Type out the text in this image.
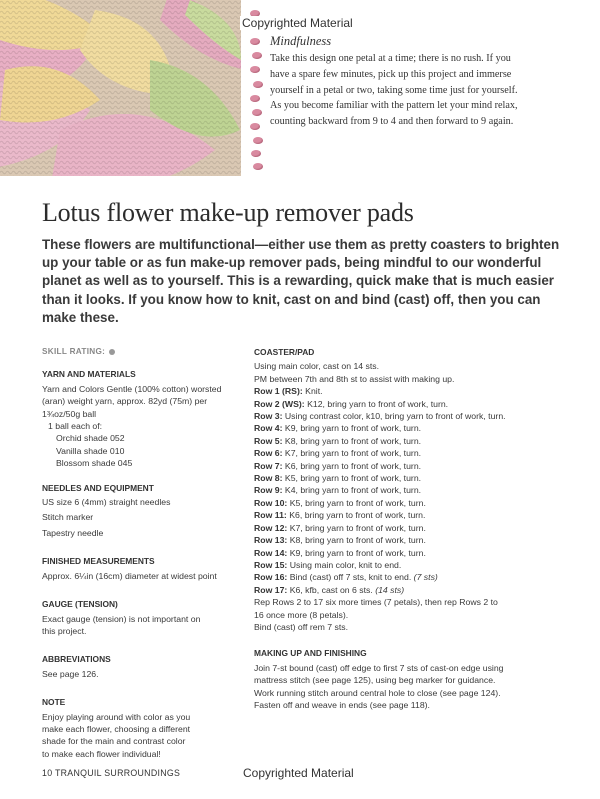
Copyrighted Material
Mindfulness
Take this design one petal at a time; there is no rush. If you
have a spare few minutes, pick up this project and immerse
yourself in a petal or two, taking some time just for yourself.
As you become familiar with the pattern let your mind relax,
counting backward from 9 to 4 and then forward to 9 again.
Lotus flower make-up remover pads
These flowers are multifunctional—either use them as pretty coasters to brighten up your table or as fun make-up remover pads, being mindful to our wonderful planet as well as to yourself. This is a rewarding, quick make that is much easier than it looks. If you know how to knit, cast on and bind (cast) off, then you can make these.
SKILL RATING:
YARN AND MATERIALS
Yarn and Colors Gentle (100% cotton) worsted
(aran) weight yarn, approx. 82yd (75m) per
1¾oz/50g ball
1 ball each of:
Orchid shade 052
Vanilla shade 010
Blossom shade 045
NEEDLES AND EQUIPMENT
US size 6 (4mm) straight needles
Stitch marker
Tapestry needle
FINISHED MEASUREMENTS
Approx. 6¼in (16cm) diameter at widest point
GAUGE (TENSION)
Exact gauge (tension) is not important on
this project.
ABBREVIATIONS
See page 126.
NOTE
Enjoy playing around with color as you
make each flower, choosing a different
shade for the main and contrast color
to make each flower individual!
COASTER/PAD
Using main color, cast on 14 sts.
PM between 7th and 8th st to assist with making up.
Row 1 (RS): Knit.
Row 2 (WS): K12, bring yarn to front of work, turn.
Row 3: Using contrast color, k10, bring yarn to front of work, turn.
Row 4: K9, bring yarn to front of work, turn.
Row 5: K8, bring yarn to front of work, turn.
Row 6: K7, bring yarn to front of work, turn.
Row 7: K6, bring yarn to front of work, turn.
Row 8: K5, bring yarn to front of work, turn.
Row 9: K4, bring yarn to front of work, turn.
Row 10: K5, bring yarn to front of work, turn.
Row 11: K6, bring yarn to front of work, turn.
Row 12: K7, bring yarn to front of work, turn.
Row 13: K8, bring yarn to front of work, turn.
Row 14: K9, bring yarn to front of work, turn.
Row 15: Using main color, knit to end.
Row 16: Bind (cast) off 7 sts, knit to end. (7 sts)
Row 17: K6, kfb, cast on 6 sts. (14 sts)
Rep Rows 2 to 17 six more times (7 petals), then rep Rows 2 to
16 once more (8 petals).
Bind (cast) off rem 7 sts.
MAKING UP AND FINISHING
Join 7-st bound (cast) off edge to first 7 sts of cast-on edge using
mattress stitch (see page 125), using beg marker for guidance.
Work running stitch around central hole to close (see page 124).
Fasten off and weave in ends (see page 118).
10 TRANQUIL SURROUNDINGS	Copyrighted Material
